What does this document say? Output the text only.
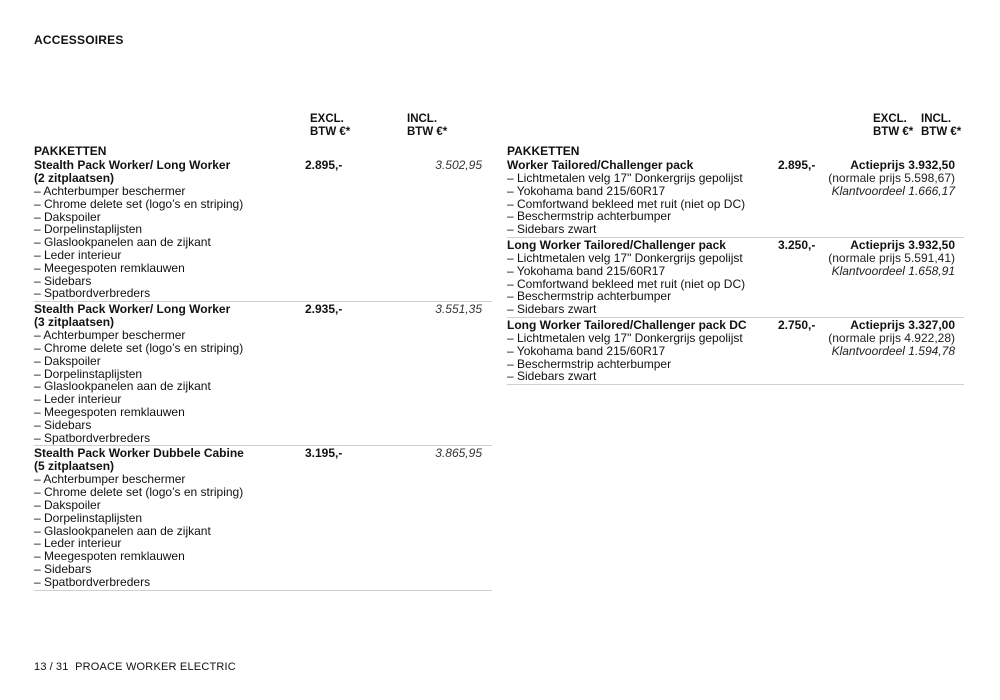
ACCESSOIRES
EXCL.
BTW €*
INCL.
BTW €*
PAKKETTEN
Stealth Pack Worker/ Long Worker
(2 zitplaatsen)
– Achterbumper beschermer
– Chrome delete set (logo’s en striping)
– Dakspoiler
– Dorpelinstaplijsten
– Glaslookpanelen aan de zijkant
– Leder interieur
– Meegespoten remklauwen
– Sidebars
– Spatbordverbreders
2.895,-	3.502,95
Stealth Pack Worker/ Long Worker
(3 zitplaatsen)
– Achterbumper beschermer
– Chrome delete set (logo’s en striping)
– Dakspoiler
– Dorpelinstaplijsten
– Glaslookpanelen aan de zijkant
– Leder interieur
– Meegespoten remklauwen
– Sidebars
– Spatbordverbreders
2.935,-	3.551,35
Stealth Pack Worker Dubbele Cabine
(5 zitplaatsen)
– Achterbumper beschermer
– Chrome delete set (logo’s en striping)
– Dakspoiler
– Dorpelinstaplijsten
– Glaslookpanelen aan de zijkant
– Leder interieur
– Meegespoten remklauwen
– Sidebars
– Spatbordverbreders
3.195,-	3.865,95
EXCL.
BTW €*
INCL.
BTW €*
PAKKETTEN
Worker Tailored/Challenger pack
– Lichtmetalen velg 17" Donkergrijs gepolijst
– Yokohama band 215/60R17
– Comfortwand bekleed met ruit (niet op DC)
– Beschermstrip achterbumper
– Sidebars zwart
2.895,-	Actieprijs 3.932,50
(normale prijs 5.598,67)
Klantvoordeel 1.666,17
Long Worker Tailored/Challenger pack
– Lichtmetalen velg 17" Donkergrijs gepolijst
– Yokohama band 215/60R17
– Comfortwand bekleed met ruit (niet op DC)
– Beschermstrip achterbumper
– Sidebars zwart
3.250,-	Actieprijs 3.932,50
(normale prijs 5.591,41)
Klantvoordeel 1.658,91
Long Worker Tailored/Challenger pack DC
– Lichtmetalen velg 17" Donkergrijs gepolijst
– Yokohama band 215/60R17
– Beschermstrip achterbumper
– Sidebars zwart
2.750,-	Actieprijs 3.327,00
(normale prijs 4.922,28)
Klantvoordeel 1.594,78
13 / 31 PROACE WORKER ELECTRIC
